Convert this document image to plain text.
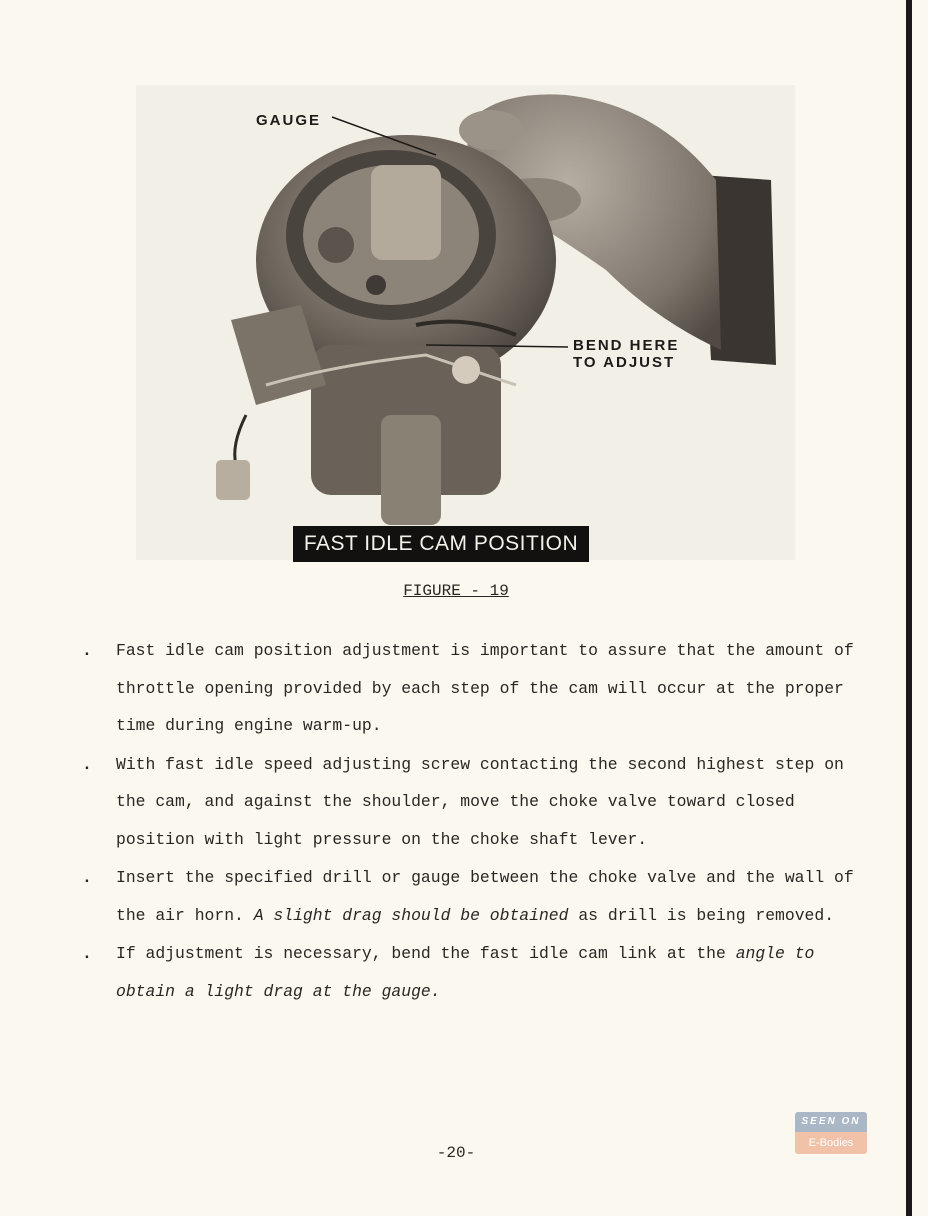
GAUGE
BEND HERE
TO ADJUST
FAST IDLE CAM POSITION
FIGURE - 19
. Fast idle cam position adjustment is important to assure that the amount of throttle opening provided by each step of the cam will occur at the proper time during engine warm-up.
. With fast idle speed adjusting screw contacting the second highest step on the cam, and against the shoulder, move the choke valve toward closed position with light pressure on the choke shaft lever.
. Insert the specified drill or gauge between the choke valve and the wall of the air horn. A slight drag should be obtained as drill is being removed.
. If adjustment is necessary, bend the fast idle cam link at the angle to obtain a light drag at the gauge.
-20-
SEEN ON
E-Bodies
